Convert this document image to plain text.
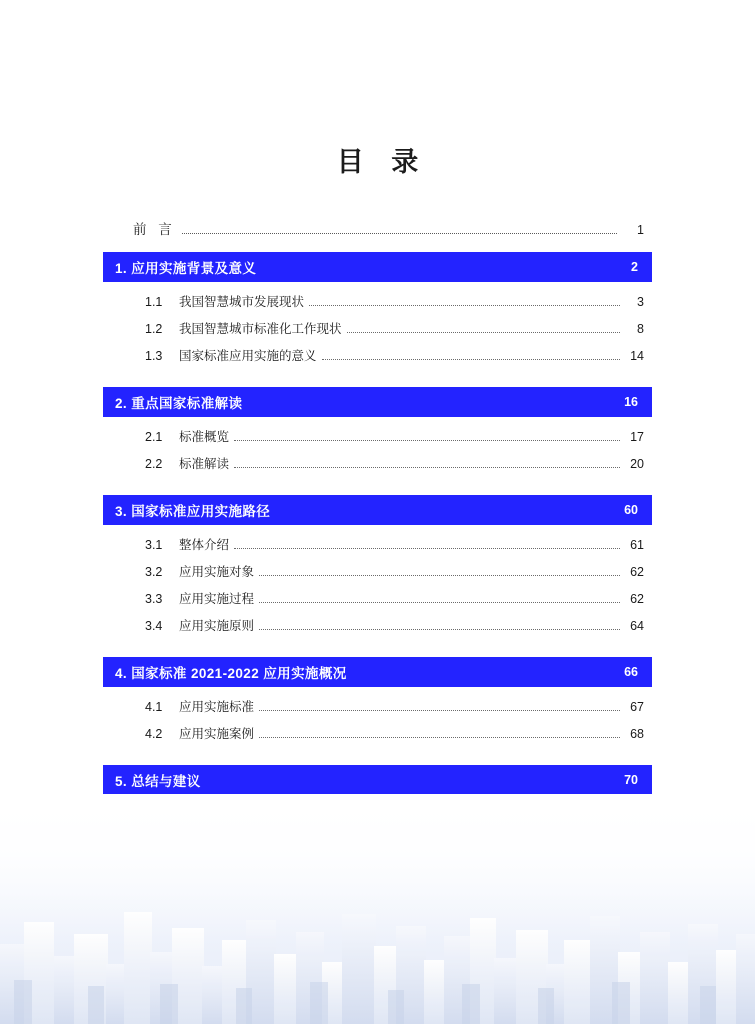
目 录
前 言	1
1. 应用实施背景及意义	2
1.1	我国智慧城市发展现状	3
1.2	我国智慧城市标准化工作现状	8
1.3	国家标准应用实施的意义	14
2. 重点国家标准解读	16
2.1	标准概览	17
2.2	标准解读	20
3. 国家标准应用实施路径	60
3.1	整体介绍	61
3.2	应用实施对象	62
3.3	应用实施过程	62
3.4	应用实施原则	64
4. 国家标准 2021-2022 应用实施概况	66
4.1	应用实施标准	67
4.2	应用实施案例	68
5. 总结与建议	70
